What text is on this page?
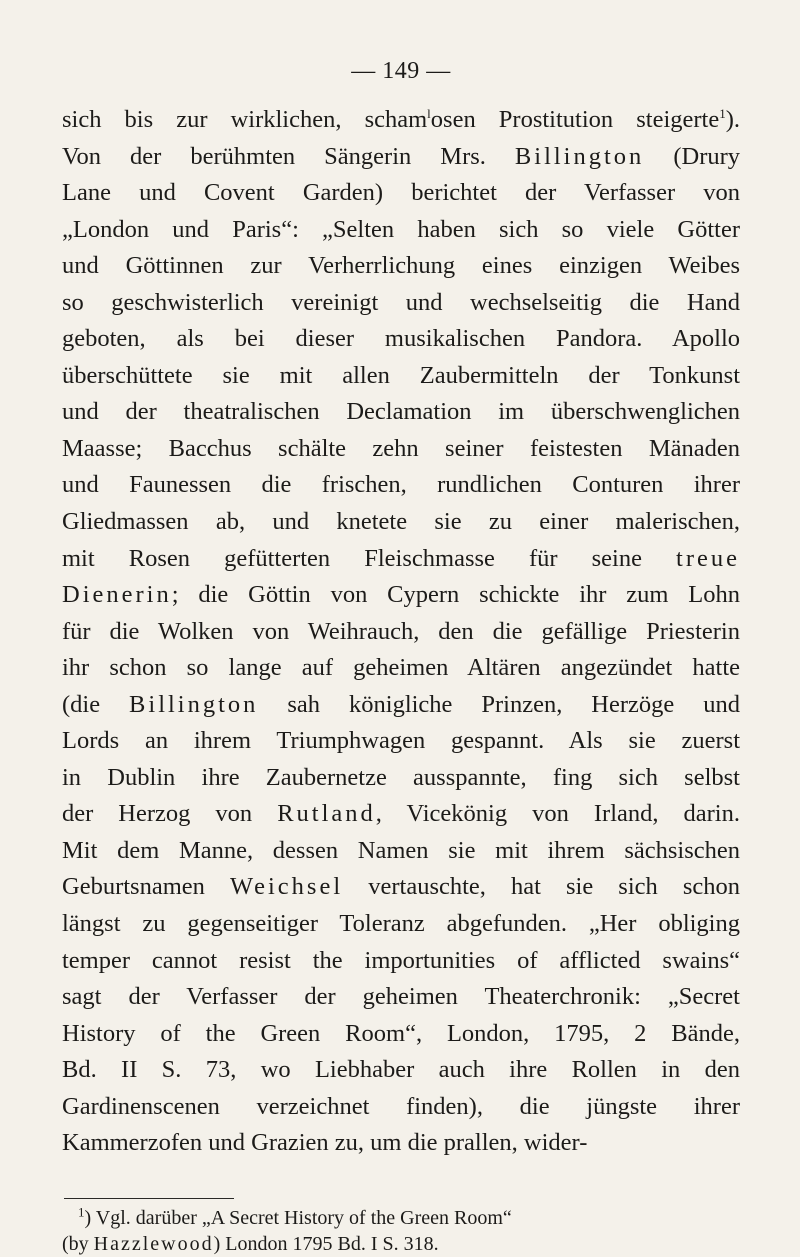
— 149 —
sich bis zur wirklichen, scham$^l$osen Prostitution steigerte$^1$).
Von der berühmten Sängerin Mrs. Billington (Drury
Lane und Covent Garden) berichtet der Verfasser von
„London und Paris“: „Selten haben sich so viele Götter
und Göttinnen zur Verherrlichung eines einzigen Weibes
so geschwisterlich vereinigt und wechselseitig die Hand
geboten, als bei dieser musikalischen Pandora. Apollo
überschüttete sie mit allen Zaubermitteln der Tonkunst
und der theatralischen Declamation im überschwenglichen
Maasse; Bacchus schälte zehn seiner feistesten Mänaden
und Faunessen die frischen, rundlichen Conturen ihrer
Gliedmassen ab, und knetete sie zu einer malerischen,
mit Rosen gefütterten Fleischmasse für seine treue
Dienerin; die Göttin von Cypern schickte ihr zum Lohn
für die Wolken von Weihrauch, den die gefällige Priesterin
ihr schon so lange auf geheimen Altären angezündet hatte
(die Billington sah königliche Prinzen, Herzöge und
Lords an ihrem Triumphwagen gespannt. Als sie zuerst
in Dublin ihre Zaubernetze ausspannte, fing sich selbst
der Herzog von Rutland, Vicekönig von Irland, darin.
Mit dem Manne, dessen Namen sie mit ihrem sächsischen
Geburtsnamen Weichsel vertauschte, hat sie sich schon
längst zu gegenseitiger Toleranz abgefunden. „Her obliging
temper cannot resist the importunities of afflicted swains“
sagt der Verfasser der geheimen Theaterchronik: „Secret
History of the Green Room“, London, 1795, 2 Bände,
Bd. II S. 73, wo Liebhaber auch ihre Rollen in den
Gardinenscenen verzeichnet finden), die jüngste ihrer
Kammerzofen und Grazien zu, um die prallen, wider-
$^1$) Vgl. darüber „A Secret History of the Green Room“
(by Hazzlewood) London 1795 Bd. I S. 318.
